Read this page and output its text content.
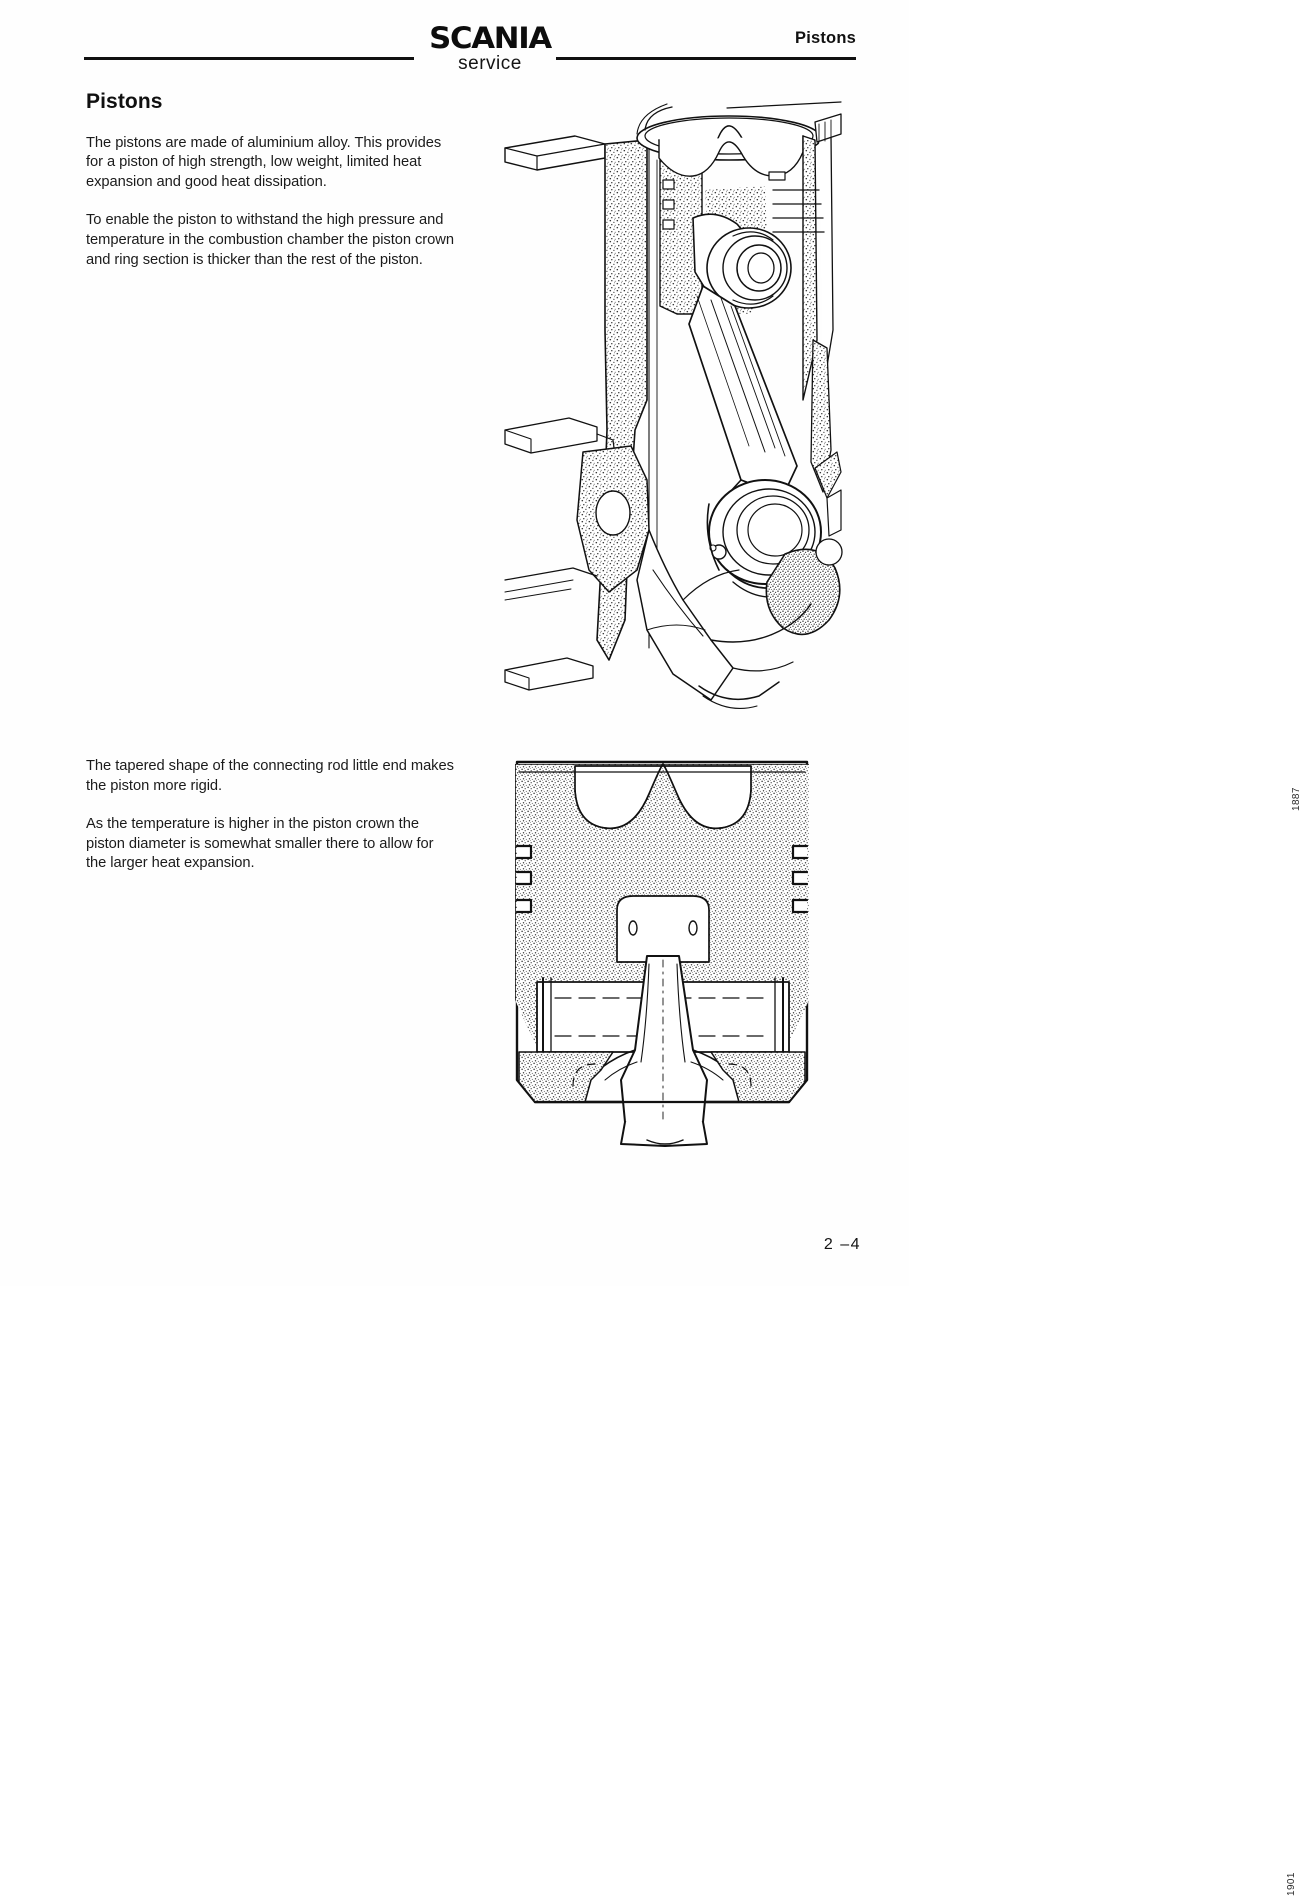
SCANIA
service
Pistons
Pistons

The pistons are made of aluminium alloy. This provides for a piston of high strength, low weight, limited heat expansion and good heat dissipation.

To enable the piston to withstand the high pressure and temperature in the combustion chamber the piston crown and ring section is thicker than the rest of the piston.

1887

The tapered shape of the connecting rod little end makes the piston more rigid.

As the temperature is higher in the piston crown the piston diameter is somewhat smaller there to allow for the larger heat expansion.

1901
2 –4
